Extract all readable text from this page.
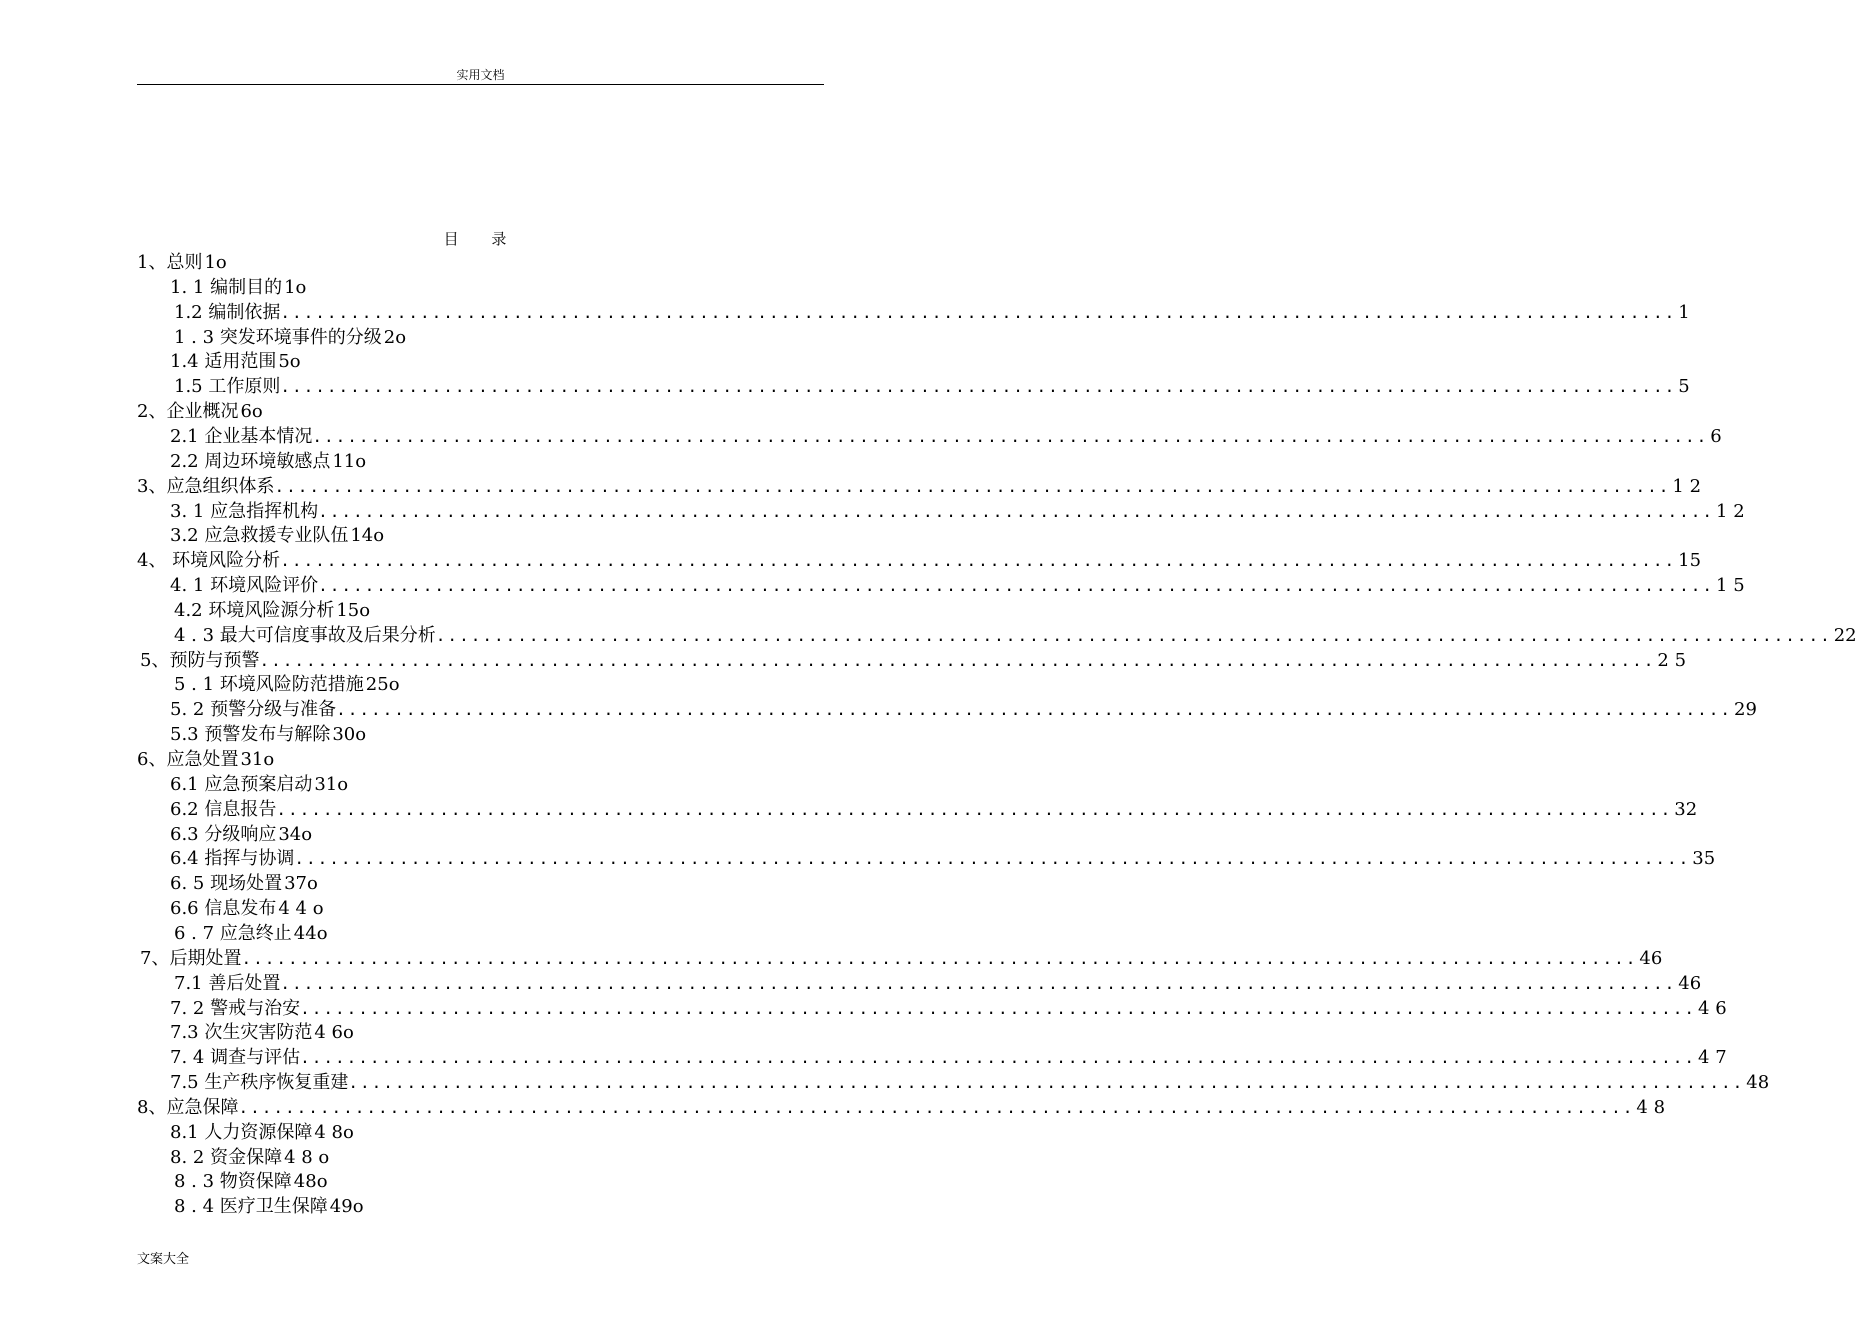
实用文档
目 录
1、总则 1o
1. 1 编制目的 1o
1.2 编制依据 ........................................................................................................................ 1
1 . 3 突发环境事件的分级 2o
1.4 适用范围 5o
1.5 工作原则 ........................................................................................................................ 5
2、企业概况 6o
2.1 企业基本情况 ........................................................................................................................ 6
2.2 周边环境敏感点 11o
3、应急组织体系 ........................................................................................................................ 1 2
3. 1 应急指挥机构 ........................................................................................................................ 1 2
3.2 应急救援专业队伍 14o
4、 环境风险分析 ........................................................................................................................ 15
4. 1 环境风险评价 ........................................................................................................................ 1 5
4.2 环境风险源分析 15o
4 . 3 最大可信度事故及后果分析 ........................................................................................................................ 22
5、预防与预警 ........................................................................................................................ 2 5
5 . 1 环境风险防范措施 25o
5. 2 预警分级与准备 ........................................................................................................................ 29
5.3 预警发布与解除 30o
6、应急处置 31o
6.1 应急预案启动 31o
6.2 信息报告 ........................................................................................................................ 32
6.3 分级响应 34o
6.4 指挥与协调 ........................................................................................................................ 35
6. 5 现场处置 37o
6.6 信息发布 4 4 o
6 . 7 应急终止 44o
7、后期处置 ........................................................................................................................ 46
7.1 善后处置 ........................................................................................................................ 46
7. 2 警戒与治安 ........................................................................................................................ 4 6
7.3 次生灾害防范 4 6o
7. 4 调查与评估 ........................................................................................................................ 4 7
7.5 生产秩序恢复重建 ........................................................................................................................ 48
8、应急保障 ........................................................................................................................ 4 8
8.1 人力资源保障 4 8o
8. 2 资金保障 4 8 o
8 . 3 物资保障 48o
8 . 4 医疗卫生保障 49o
文案大全
